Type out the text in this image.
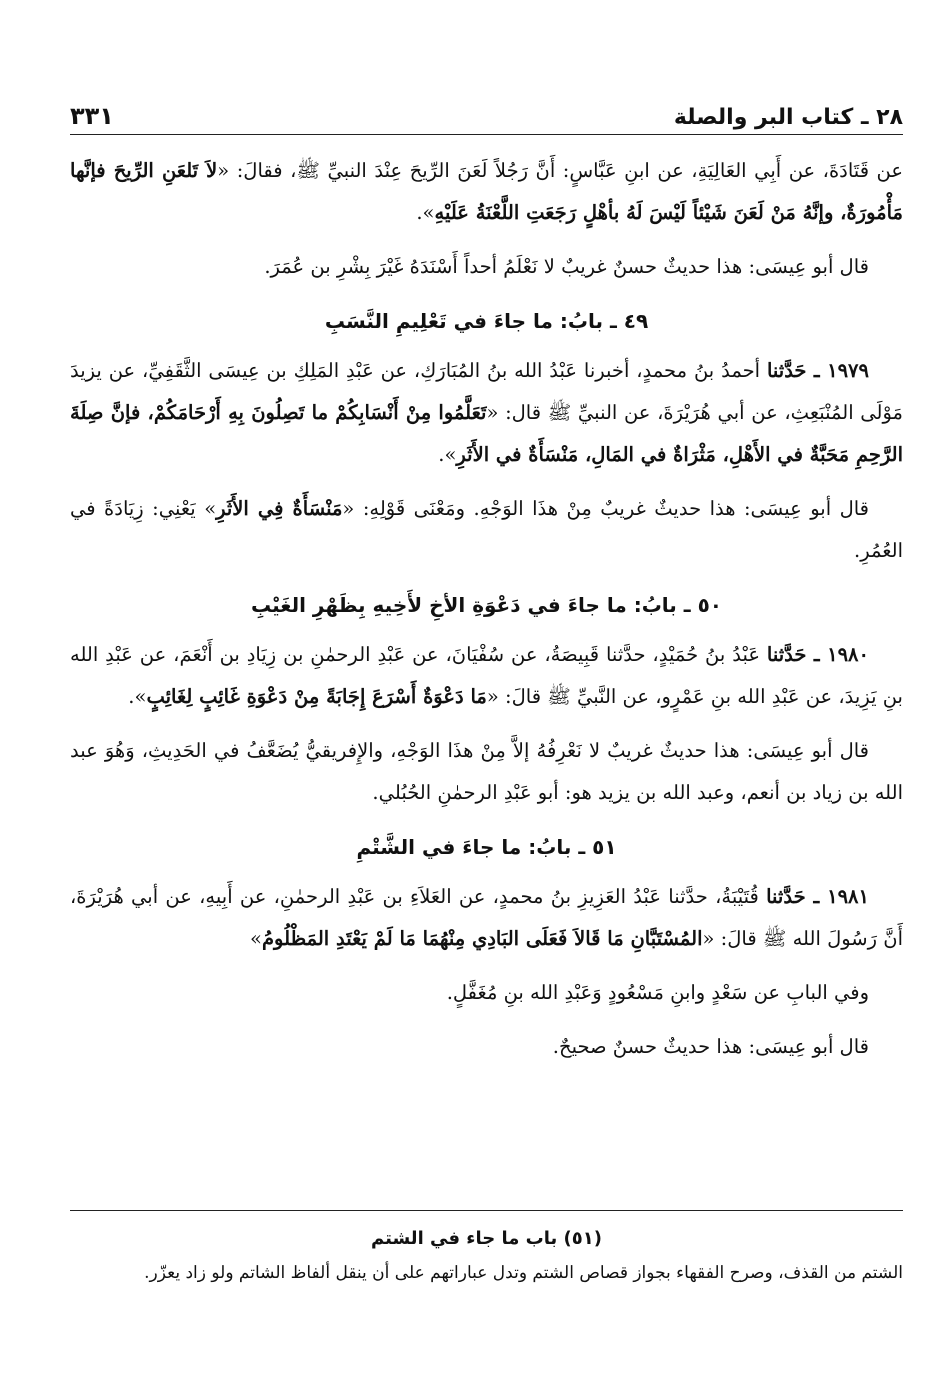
٢٨ ـ كتاب البر والصلة
٣٣١

عن قَتَادَةَ، عن أَبِي العَالِيَةِ، عن ابنِ عَبَّاسٍ: أَنَّ رَجُلاً لَعَنَ الرِّيحَ عِنْدَ النبيِّ ﷺ، فقالَ: «لاَ تَلعَنِ الرِّيحَ فإنَّها مَأْمُورَةٌ، وإنَّهُ مَنْ لَعَنَ شَيْئاً لَيْسَ لَهُ بأهْلٍ رَجَعَتِ اللَّعْنَةُ عَلَيْهِ».

قال أبو عِيسَى: هذا حديثٌ حسنٌ غريبٌ لا نَعْلَمُ أحداً أَسْنَدَهُ غَيْرَ بِشْرِ بن عُمَرَ.

٤٩ ـ بابُ: ما جاءَ في تَعْلِيمِ النَّسَبِ

١٩٧٩ ـ حَدَّثنا أحمدُ بنُ محمدٍ، أخبرنا عَبْدُ الله بنُ المُبَارَكِ، عن عَبْدِ المَلِكِ بن عِيسَى الثَّقَفِيِّ، عن يزيدَ مَوْلَى المُنْبَعِثِ، عن أبي هُرَيْرَةَ، عن النبيِّ ﷺ قال: «تَعَلَّمُوا مِنْ أَنْسَابِكُمْ ما تَصِلُونَ بِهِ أَرْحَامَكُمْ، فإنَّ صِلَةَ الرَّحِمِ مَحَبَّةٌ في الأَهْلِ، مَثْرَاةٌ في المَالِ، مَنْسَأَةٌ في الأَثَرِ».

قال أبو عِيسَى: هذا حديثٌ غريبٌ مِنْ هذَا الوَجْهِ. ومَعْنَى قَوْلِهِ: «مَنْسَأَةٌ فِي الأَثَرِ» يَعْنِي: زِيَادَةً في العُمُرِ.

٥٠ ـ بابُ: ما جاءَ في دَعْوَةِ الأخِ لأَخِيهِ بِظَهْرِ الغَيْبِ

١٩٨٠ ـ حَدَّثنا عَبْدُ بنُ حُمَيْدٍ، حدَّثنا قَبِيصَةُ، عن سُفْيَانَ، عن عَبْدِ الرحمٰنِ بن زِيَادِ بن أَنْعَمَ، عن عَبْدِ الله بنِ يَزِيدَ، عن عَبْدِ الله بنِ عَمْرٍو، عن النَّبيِّ ﷺ قالَ: «مَا دَعْوَةٌ أَسْرَعَ إِجَابَةً مِنْ دَعْوَةِ غَائِبٍ لِغَائِبٍ».

قال أبو عِيسَى: هذا حديثٌ غريبٌ لا نَعْرِفُهُ إلاَّ مِنْ هذَا الوَجْهِ، والإِفريقيُّ يُضَعَّفُ في الحَدِيثِ، وَهُوَ عبد الله بن زياد بن أنعم، وعبد الله بن يزيد هو: أبو عَبْدِ الرحمٰنِ الحُبُلي.

٥١ ـ بابُ: ما جاءَ في الشَّتْمِ

١٩٨١ ـ حَدَّثنا قُتَيْبَةُ، حدَّثنا عَبْدُ العَزِيزِ بنُ محمدٍ، عن العَلاَءِ بن عَبْدِ الرحمٰنِ، عن أَبِيهِ، عن أبي هُرَيْرَةَ، أَنَّ رَسُولَ الله ﷺ قالَ: «المُسْتَبَّانِ مَا قَالاَ فَعَلَى البَادِي مِنْهُمَا مَا لَمْ يَعْتَدِ المَظْلُومُ»

وفي البابِ عن سَعْدٍ وابنِ مَسْعُودٍ وَعَبْدِ الله بنِ مُغَفَّلٍ.

قال أبو عِيسَى: هذا حديثٌ حسنٌ صحيحٌ.

(٥١) باب ما جاء في الشتم

الشتم من القذف، وصرح الفقهاء بجواز قصاص الشتم وتدل عباراتهم على أن ينقل ألفاظ الشاتم ولو زاد يعزّر.
